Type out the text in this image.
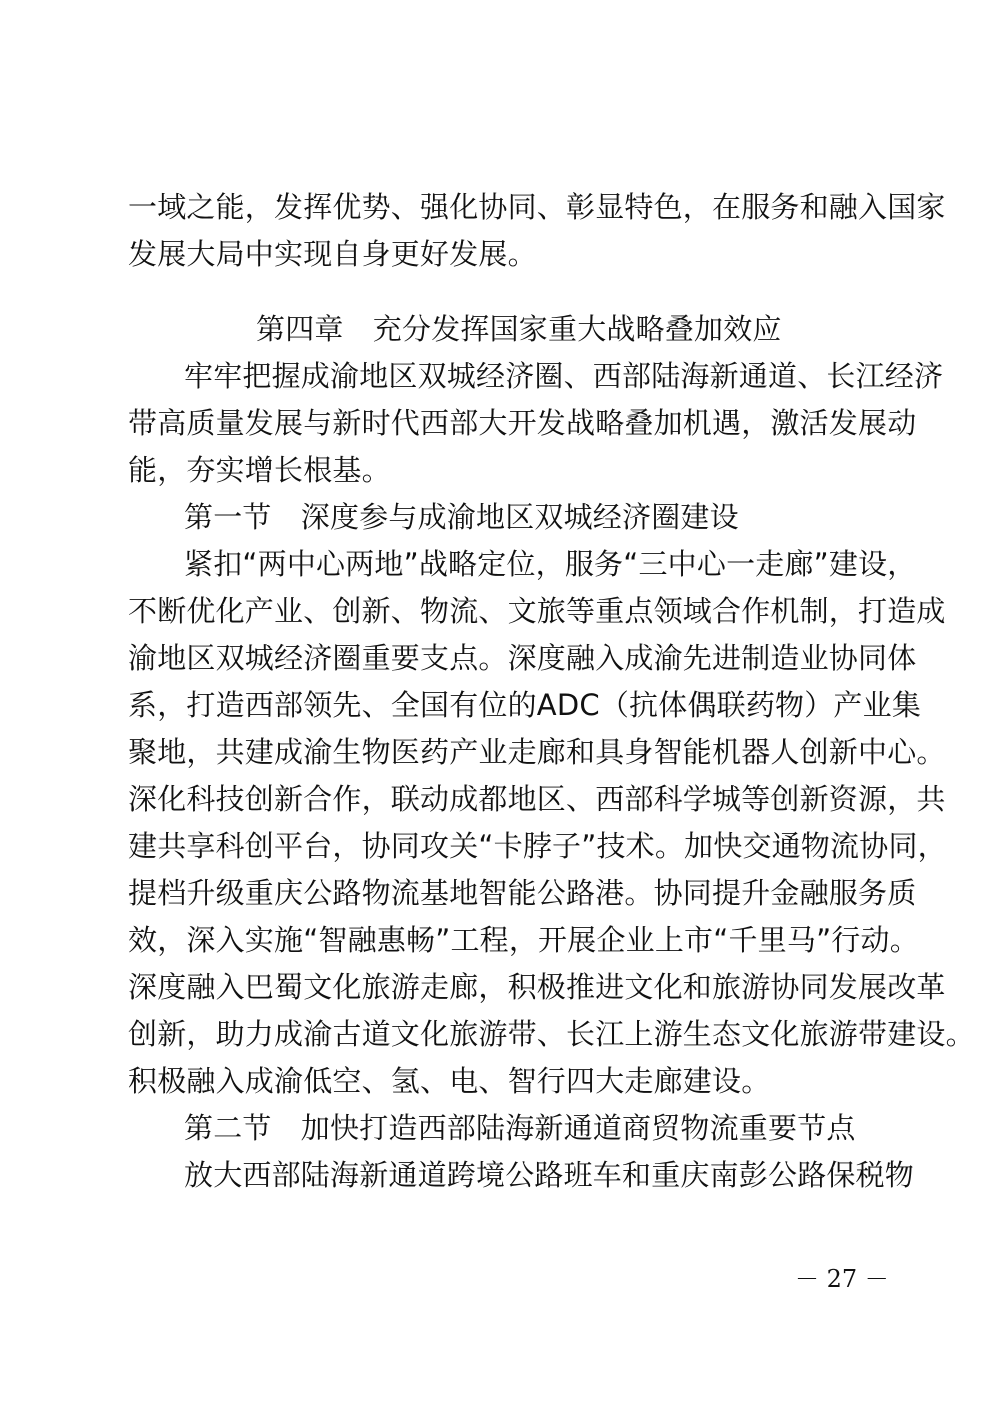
一域之能，发挥优势、强化协同、彰显特色，在服务和融入国家
发展大局中实现自身更好发展。
第四章　充分发挥国家重大战略叠加效应
牢牢把握成渝地区双城经济圈、西部陆海新通道、长江经济
带高质量发展与新时代西部大开发战略叠加机遇，激活发展动
能，夯实增长根基。
第一节　深度参与成渝地区双城经济圈建设
紧扣“两中心两地”战略定位，服务“三中心一走廊”建设，
不断优化产业、创新、物流、文旅等重点领域合作机制，打造成
渝地区双城经济圈重要支点。深度融入成渝先进制造业协同体
系，打造西部领先、全国有位的ADC（抗体偶联药物）产业集
聚地，共建成渝生物医药产业走廊和具身智能机器人创新中心。
深化科技创新合作，联动成都地区、西部科学城等创新资源，共
建共享科创平台，协同攻关“卡脖子”技术。加快交通物流协同，
提档升级重庆公路物流基地智能公路港。协同提升金融服务质
效，深入实施“智融惠畅”工程，开展企业上市“千里马”行动。
深度融入巴蜀文化旅游走廊，积极推进文化和旅游协同发展改革
创新，助力成渝古道文化旅游带、长江上游生态文化旅游带建设。
积极融入成渝低空、氢、电、智行四大走廊建设。
第二节　加快打造西部陆海新通道商贸物流重要节点
放大西部陆海新通道跨境公路班车和重庆南彭公路保税物
－ 27 －
